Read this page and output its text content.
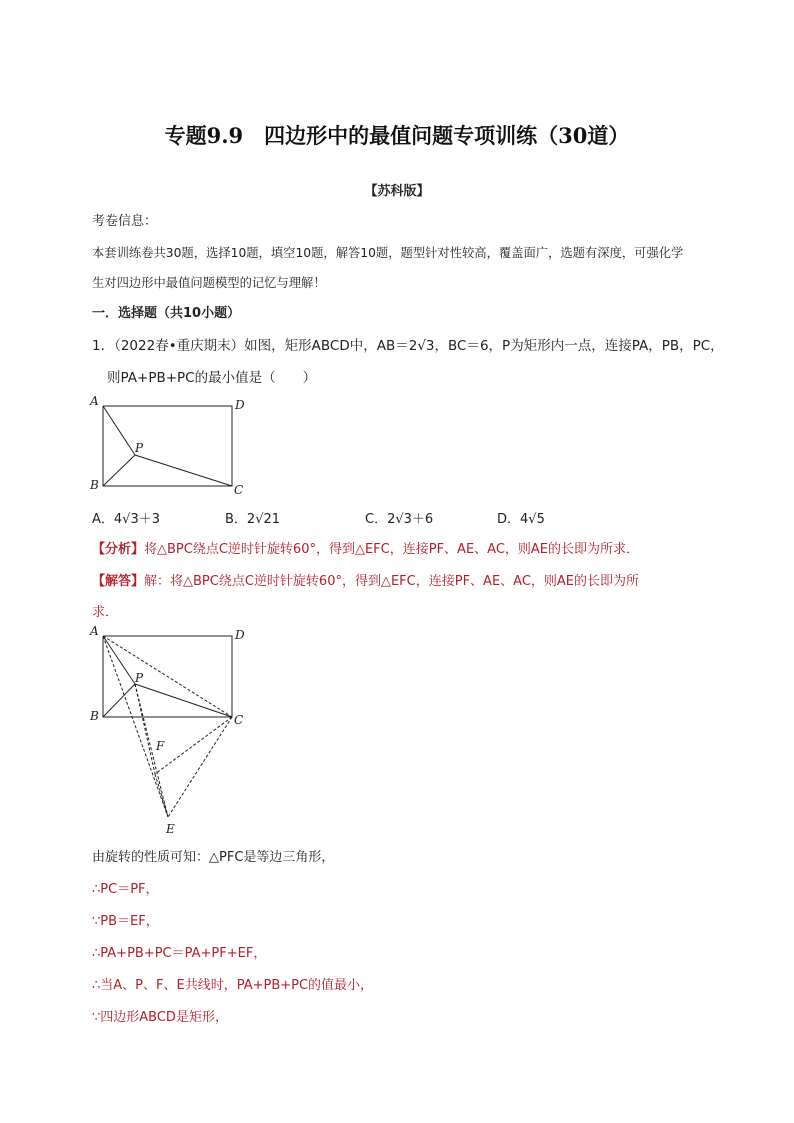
专题9.9　四边形中的最值问题专项训练（30道）
【苏科版】
考卷信息：
本套训练卷共30题，选择10题，填空10题，解答10题，题型针对性较高，覆盖面广，选题有深度，可强化学
生对四边形中最值问题模型的记忆与理解！
一．选择题（共10小题）
1．（2022春•重庆期末）如图，矩形ABCD中，AB＝2√3，BC＝6，P为矩形内一点，连接PA，PB，PC，
则PA+PB+PC的最小值是（　　）
A	D
P
B	C
A．4√3＋3	B．2√21	C．2√3＋6	D．4√5
【分析】将△BPC绕点C逆时针旋转60°，得到△EFC，连接PF、AE、AC，则AE的长即为所求．
【解答】解：将△BPC绕点C逆时针旋转60°，得到△EFC，连接PF、AE、AC，则AE的长即为所
求．
A	D
P
B	C
F
E
由旋转的性质可知：△PFC是等边三角形，
∴PC＝PF，
∵PB＝EF，
∴PA+PB+PC＝PA+PF+EF，
∴当A、P、F、E共线时，PA+PB+PC的值最小，
∵四边形ABCD是矩形，
